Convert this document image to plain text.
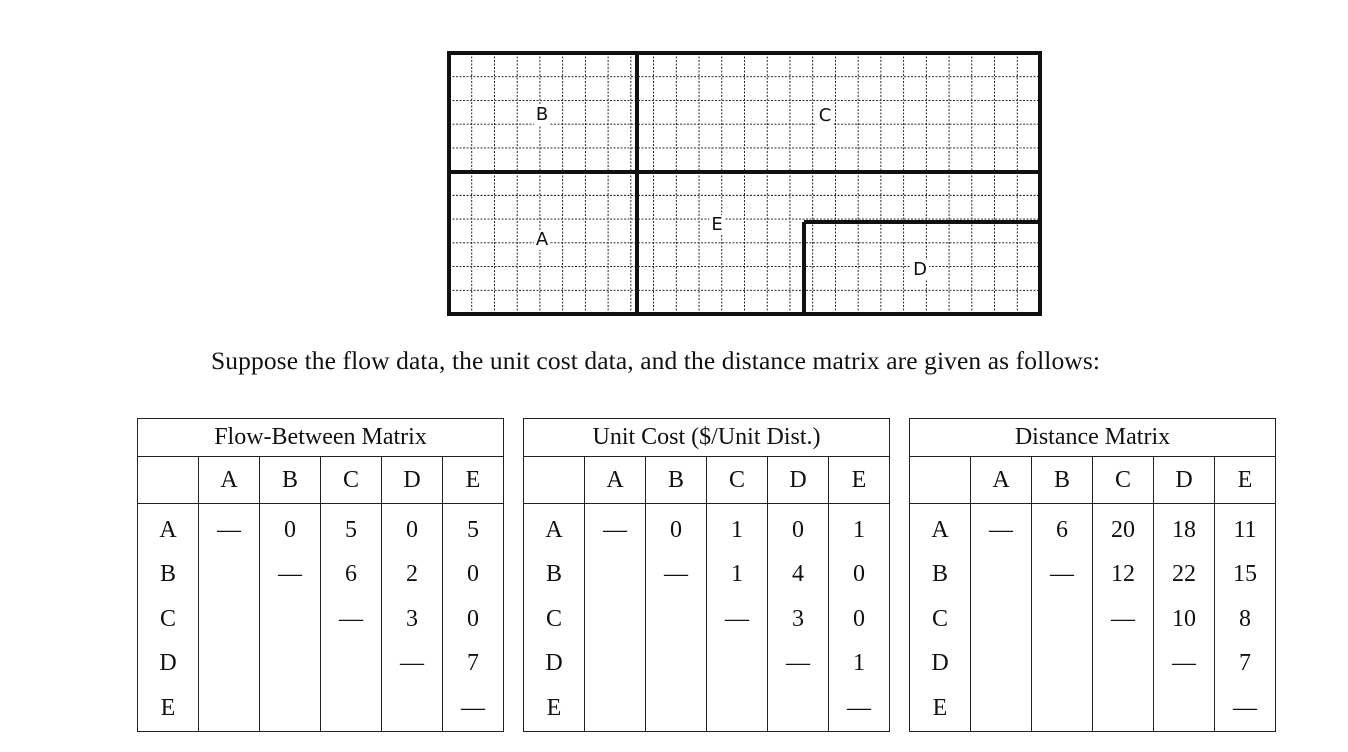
B	C
A
E
D

Suppose the flow data, the unit cost data, and the distance matrix are given as follows:

Flow-Between Matrix
	A	B	C	D	E
A	—	0	5	0	5
B		—	6	2	0
C			—	3	0
D				—	7
E					—
Unit Cost ($/Unit Dist.)
	A	B	C	D	E
A	—	0	1	0	1
B		—	1	4	0
C			—	3	0
D				—	1
E					—
Distance Matrix
	A	B	C	D	E
A	—	6	20	18	11
B		—	12	22	15
C			—	10	8
D				—	7
E					—
